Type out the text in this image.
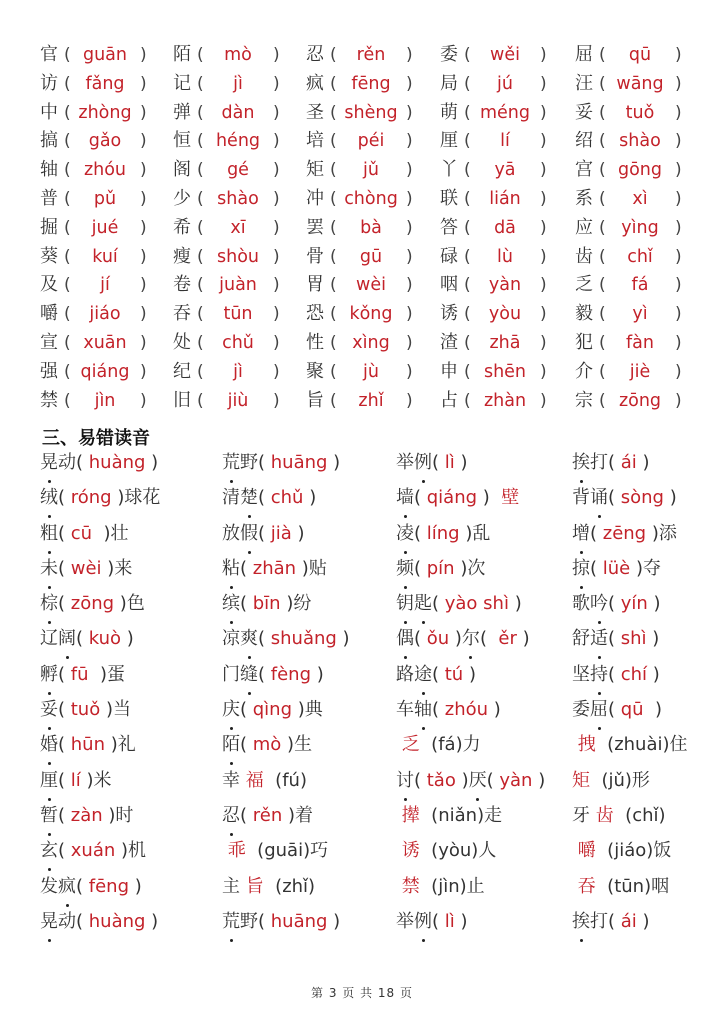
官 ( guān ) 陌 (	mò	) 忍 (	rěn	) 委 (	wěi	) 屈 (	qū	)
访 ( fǎng ) 记 (	jì	) 疯 ( fēng ) 局 (	jú	) 汪 ( wāng )
中 ( zhòng ) 弹 (	dàn	) 圣 ( shèng ) 萌 ( méng ) 妥 (	tuǒ	)
搞 (	gǎo	) 恒 ( héng ) 培 (	péi	) 厘 (	lí	) 绍 ( shào )
轴 ( zhóu ) 阁 (	gé	) 矩 (	jǔ	) 丫 (	yā	) 宫 ( gōng )
普 (	pǔ	) 少 ( shào ) 冲 ( chòng ) 联 (	lián	) 系 (	xì	)
掘 (	jué	) 希 (	xī	) 罢 (	bà	) 答 (	dā	) 应 ( yìng )
葵 (	kuí	) 瘦 ( shòu ) 骨 (	gū	) 碌 (	lù	) 齿 (	chǐ	)
及 (	jí	) 卷 ( juàn ) 胃 (	wèi	) 咽 (	yàn	) 乏 (	fá	)
嚼 (	jiáo	) 吞 (	tūn	) 恐 ( kǒng ) 诱 (	yòu	) 毅 (	yì	)
宣 ( xuān ) 处 (	chǔ	) 性 ( xìng ) 渣 (	zhā	) 犯 (	fàn	)
强 ( qiáng ) 纪 (	jì	) 聚 (	jù	) 申 ( shēn ) 介 (	jiè	)
禁 (	jìn	) 旧 (	jiù	) 旨 (	zhǐ	) 占 ( zhàn ) 宗 ( zōng )
三、易错读音
晃动( huàng )	荒野( huāng )	举例( lì )	挨打( ái )
绒( róng )球花	清楚( chǔ )	墙( qiáng )  壁	背诵( sòng )
粗( cū  )壮	放假( jià )	凌( líng )乱	增( zēng )添
未( wèi )来	粘( zhān )贴	频( pín )次	掠( lüè )夺
棕( zōng )色	缤( bīn )纷	钥匙( yào shì )	歌吟( yín )
辽阔( kuò )	凉爽( shuǎng )	偶( ǒu )尔(  ěr ) 舒适( shì )
孵( fū  )蛋	门缝( fèng )	路途( tú )	坚持( chí )
妥( tuǒ )当	庆( qìng )典	车轴( zhóu )	委屈( qū  )
婚( hūn )礼	陌( mò )生	乏  (fá)力	拽  (zhuài)住
厘( lí )米	幸 福  (fú)	讨( tǎo )厌( yàn ) 矩  (jǔ)形
暂( zàn )时	忍( rěn )着	撵  (niǎn)走	牙 齿  (chǐ)
玄( xuán )机	乖  (guāi)巧	诱  (yòu)人	嚼  (jiáo)饭
发疯( fēng )	主 旨  (zhǐ)	禁  (jìn)止	吞  (tūn)咽
晃动( huàng )	荒野( huāng )	举例( lì )	挨打( ái )
第 3 页 共 18 页
